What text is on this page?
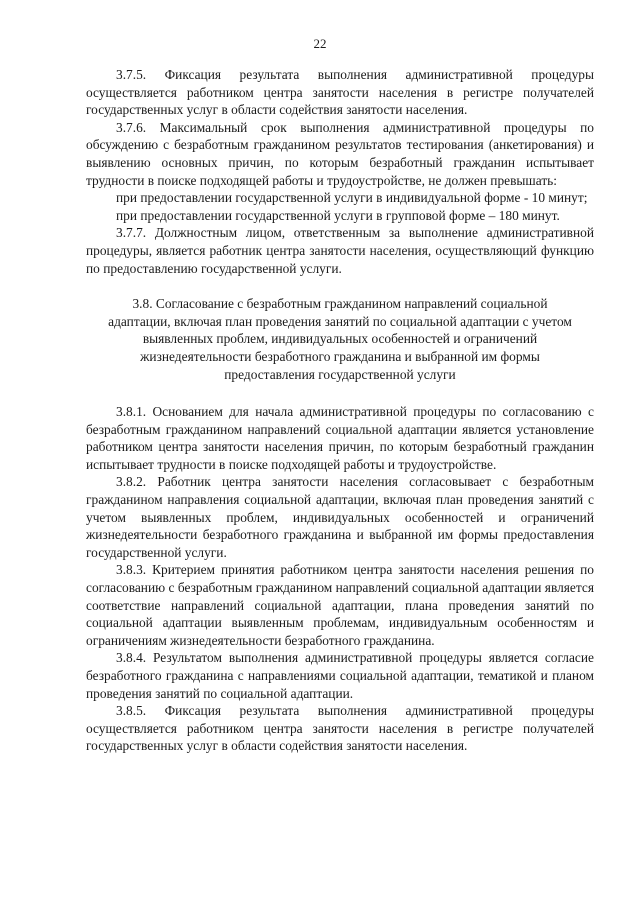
22

3.7.5. Фиксация результата выполнения административной процедуры осуществляется работником центра занятости населения в регистре получателей государственных услуг в области содействия занятости населения.

3.7.6. Максимальный срок выполнения административной процедуры по обсуждению с безработным гражданином результатов тестирования (анкетирования) и выявлению основных причин, по которым безработный гражданин испытывает трудности в поиске подходящей работы и трудоустройстве, не должен превышать:

при предоставлении государственной услуги в индивидуальной форме - 10 минут;

при предоставлении государственной услуги в групповой форме – 180 минут.

3.7.7. Должностным лицом, ответственным за выполнение административной процедуры, является работник центра занятости населения, осуществляющий функцию по предоставлению государственной услуги.

3.8. Согласование с безработным гражданином направлений социальной адаптации, включая план проведения занятий по социальной адаптации с учетом выявленных проблем, индивидуальных особенностей и ограничений жизнедеятельности безработного гражданина и выбранной им формы предоставления государственной услуги

3.8.1. Основанием для начала административной процедуры по согласованию с безработным гражданином направлений социальной адаптации является установление работником центра занятости населения причин, по которым безработный гражданин испытывает трудности в поиске подходящей работы и трудоустройстве.

3.8.2. Работник центра занятости населения согласовывает с безработным гражданином направления социальной адаптации, включая план проведения занятий с учетом выявленных проблем, индивидуальных особенностей и ограничений жизнедеятельности безработного гражданина и выбранной им формы предоставления государственной услуги.

3.8.3. Критерием принятия работником центра занятости населения решения по согласованию с безработным гражданином направлений социальной адаптации является соответствие направлений социальной адаптации, плана проведения занятий по социальной адаптации выявленным проблемам, индивидуальным особенностям и ограничениям жизнедеятельности безработного гражданина.

3.8.4. Результатом выполнения административной процедуры является согласие безработного гражданина с направлениями социальной адаптации, тематикой и планом проведения занятий по социальной адаптации.

3.8.5. Фиксация результата выполнения административной процедуры осуществляется работником центра занятости населения в регистре получателей государственных услуг в области содействия занятости населения.
